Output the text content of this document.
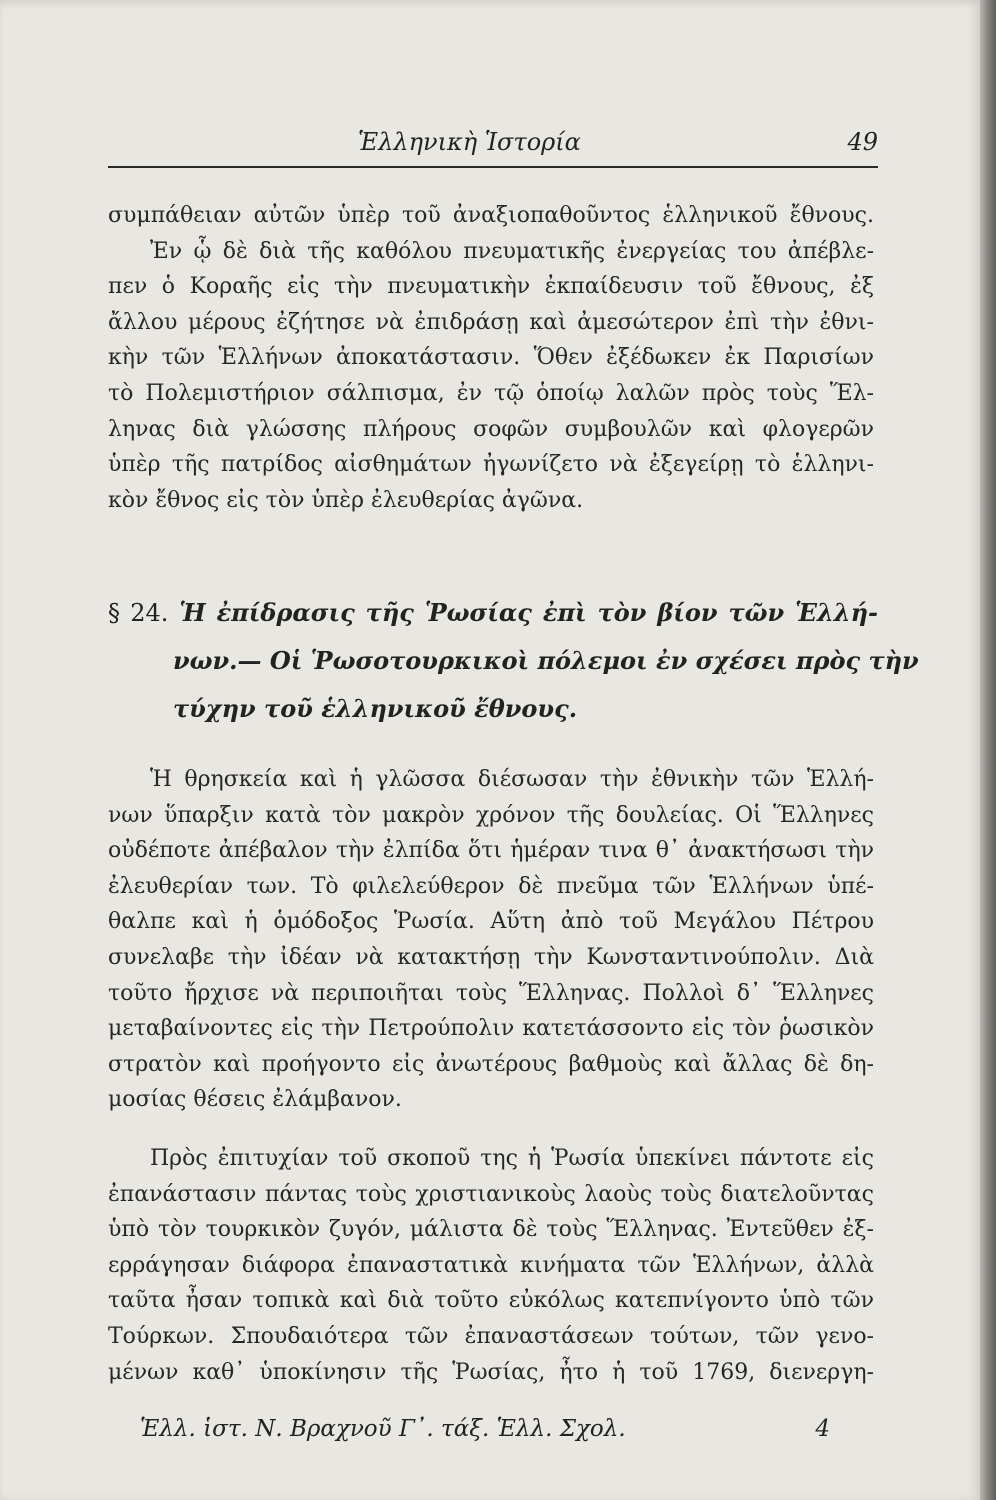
Ἑλληνικὴ Ἱστορία	49
συμπάθειαν αὐτῶν ὑπὲρ τοῦ ἀναξιοπαθοῦντος ἑλληνικοῦ ἔθνους.
Ἐν ᾧ δὲ διὰ τῆς καθόλου πνευματικῆς ἐνεργείας του ἀπέβλε-
πεν ὁ Κοραῆς εἰς τὴν πνευματικὴν ἐκπαίδευσιν τοῦ ἔθνους, ἐξ
ἄλλου μέρους ἐζήτησε νὰ ἐπιδράσῃ καὶ ἀμεσώτερον ἐπὶ τὴν ἐθνι-
κὴν τῶν Ἑλλήνων ἀποκατάστασιν. Ὅθεν ἐξέδωκεν ἐκ Παρισίων
τὸ Πολεμιστήριον σάλπισμα, ἐν τῷ ὁποίῳ λαλῶν πρὸς τοὺς Ἕλ-
ληνας διὰ γλώσσης πλήρους σοφῶν συμβουλῶν καὶ φλογερῶν
ὑπὲρ τῆς πατρίδος αἰσθημάτων ἠγωνίζετο νὰ ἐξεγείρῃ τὸ ἑλληνι-
κὸν ἔθνος εἰς τὸν ὑπὲρ ἐλευθερίας ἀγῶνα.
§ 24. Ἡ ἐπίδρασις τῆς Ῥωσίας ἐπὶ τὸν βίον τῶν Ἑλλή-
νων.— Οἱ Ῥωσοτουρκικοὶ πόλεμοι ἐν σχέσει πρὸς τὴν
τύχην τοῦ ἑλληνικοῦ ἔθνους.
Ἡ θρησκεία καὶ ἡ γλῶσσα διέσωσαν τὴν ἐθνικὴν τῶν Ἑλλή-
νων ὕπαρξιν κατὰ τὸν μακρὸν χρόνον τῆς δουλείας. Οἱ Ἕλληνες
οὐδέποτε ἀπέβαλον τὴν ἐλπίδα ὅτι ἡμέραν τινα θ᾽ ἀνακτήσωσι τὴν
ἐλευθερίαν των. Τὸ φιλελεύθερον δὲ πνεῦμα τῶν Ἑλλήνων ὑπέ-
θαλπε καὶ ἡ ὁμόδοξος Ῥωσία. Αὕτη ἀπὸ τοῦ Μεγάλου Πέτρου
συνελαβε τὴν ἰδέαν νὰ κατακτήσῃ τὴν Κωνσταντινούπολιν. Διὰ
τοῦτο ἤρχισε νὰ περιποιῆται τοὺς Ἕλληνας. Πολλοὶ δ᾽ Ἕλληνες
μεταβαίνοντες εἰς τὴν Πετρούπολιν κατετάσσοντο εἰς τὸν ῥωσικὸν
στρατὸν καὶ προήγοντο εἰς ἀνωτέρους βαθμοὺς καὶ ἄλλας δὲ δη-
μοσίας θέσεις ἐλάμβανον.
Πρὸς ἐπιτυχίαν τοῦ σκοποῦ της ἡ Ῥωσία ὑπεκίνει πάντοτε εἰς
ἐπανάστασιν πάντας τοὺς χριστιανικοὺς λαοὺς τοὺς διατελοῦντας
ὑπὸ τὸν τουρκικὸν ζυγόν, μάλιστα δὲ τοὺς Ἕλληνας. Ἐντεῦθεν ἐξ-
ερράγησαν διάφορα ἐπαναστατικὰ κινήματα τῶν Ἑλλήνων, ἀλλὰ
ταῦτα ἦσαν τοπικὰ καὶ διὰ τοῦτο εὐκόλως κατεπνίγοντο ὑπὸ τῶν
Τούρκων. Σπουδαιότερα τῶν ἐπαναστάσεων τούτων, τῶν γενο-
μένων καθ᾽ ὑποκίνησιν τῆς Ῥωσίας, ἦτο ἡ τοῦ 1769, διενεργη-
Ἑλλ. ἱστ. Ν. Βραχνοῦ Γ᾽. τάξ. Ἑλλ. Σχολ.	4
